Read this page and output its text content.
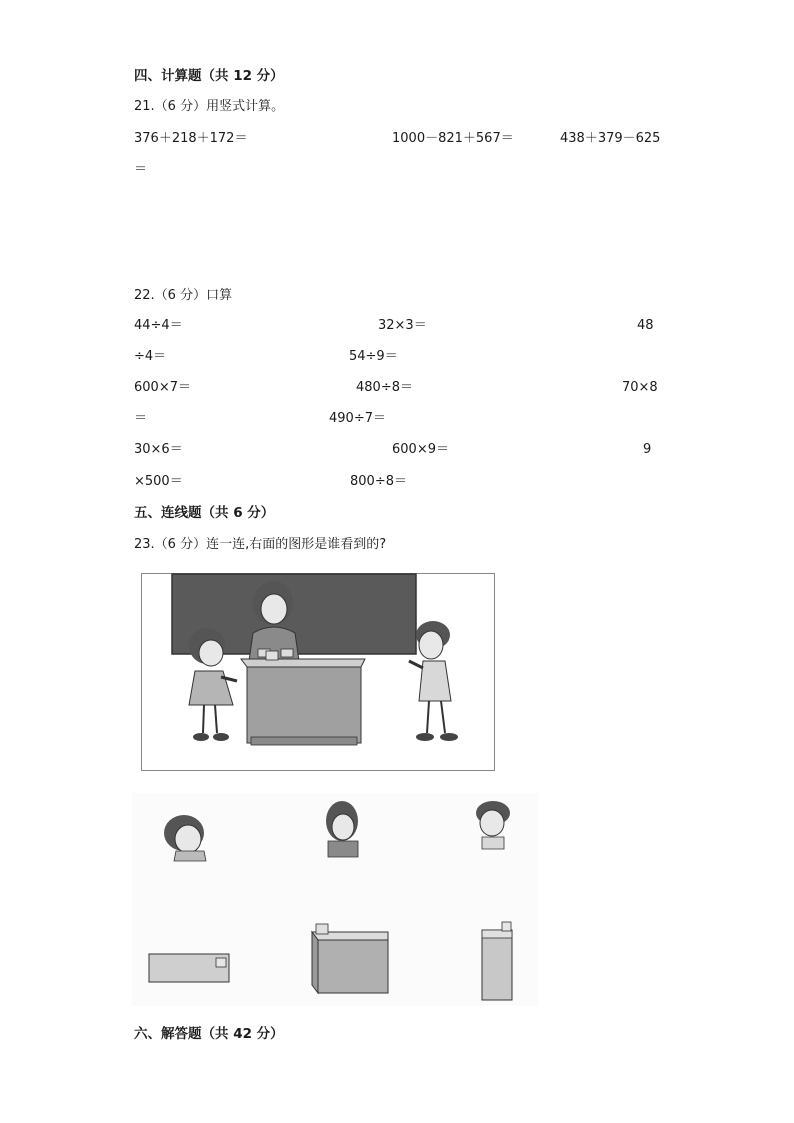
四、计算题（共 12 分）
21.（6 分）用竖式计算。
376＋218＋172＝	1000－821＋567＝	438＋379－625
＝
22.（6 分）口算
44÷4＝	32×3＝	48
÷4＝	54÷9＝
600×7＝	480÷8＝	70×8
＝	490÷7＝
30×6＝	600×9＝	9
×500＝	800÷8＝
五、连线题（共 6 分）
23.（6 分）连一连,右面的图形是谁看到的?
六、解答题（共 42 分）
